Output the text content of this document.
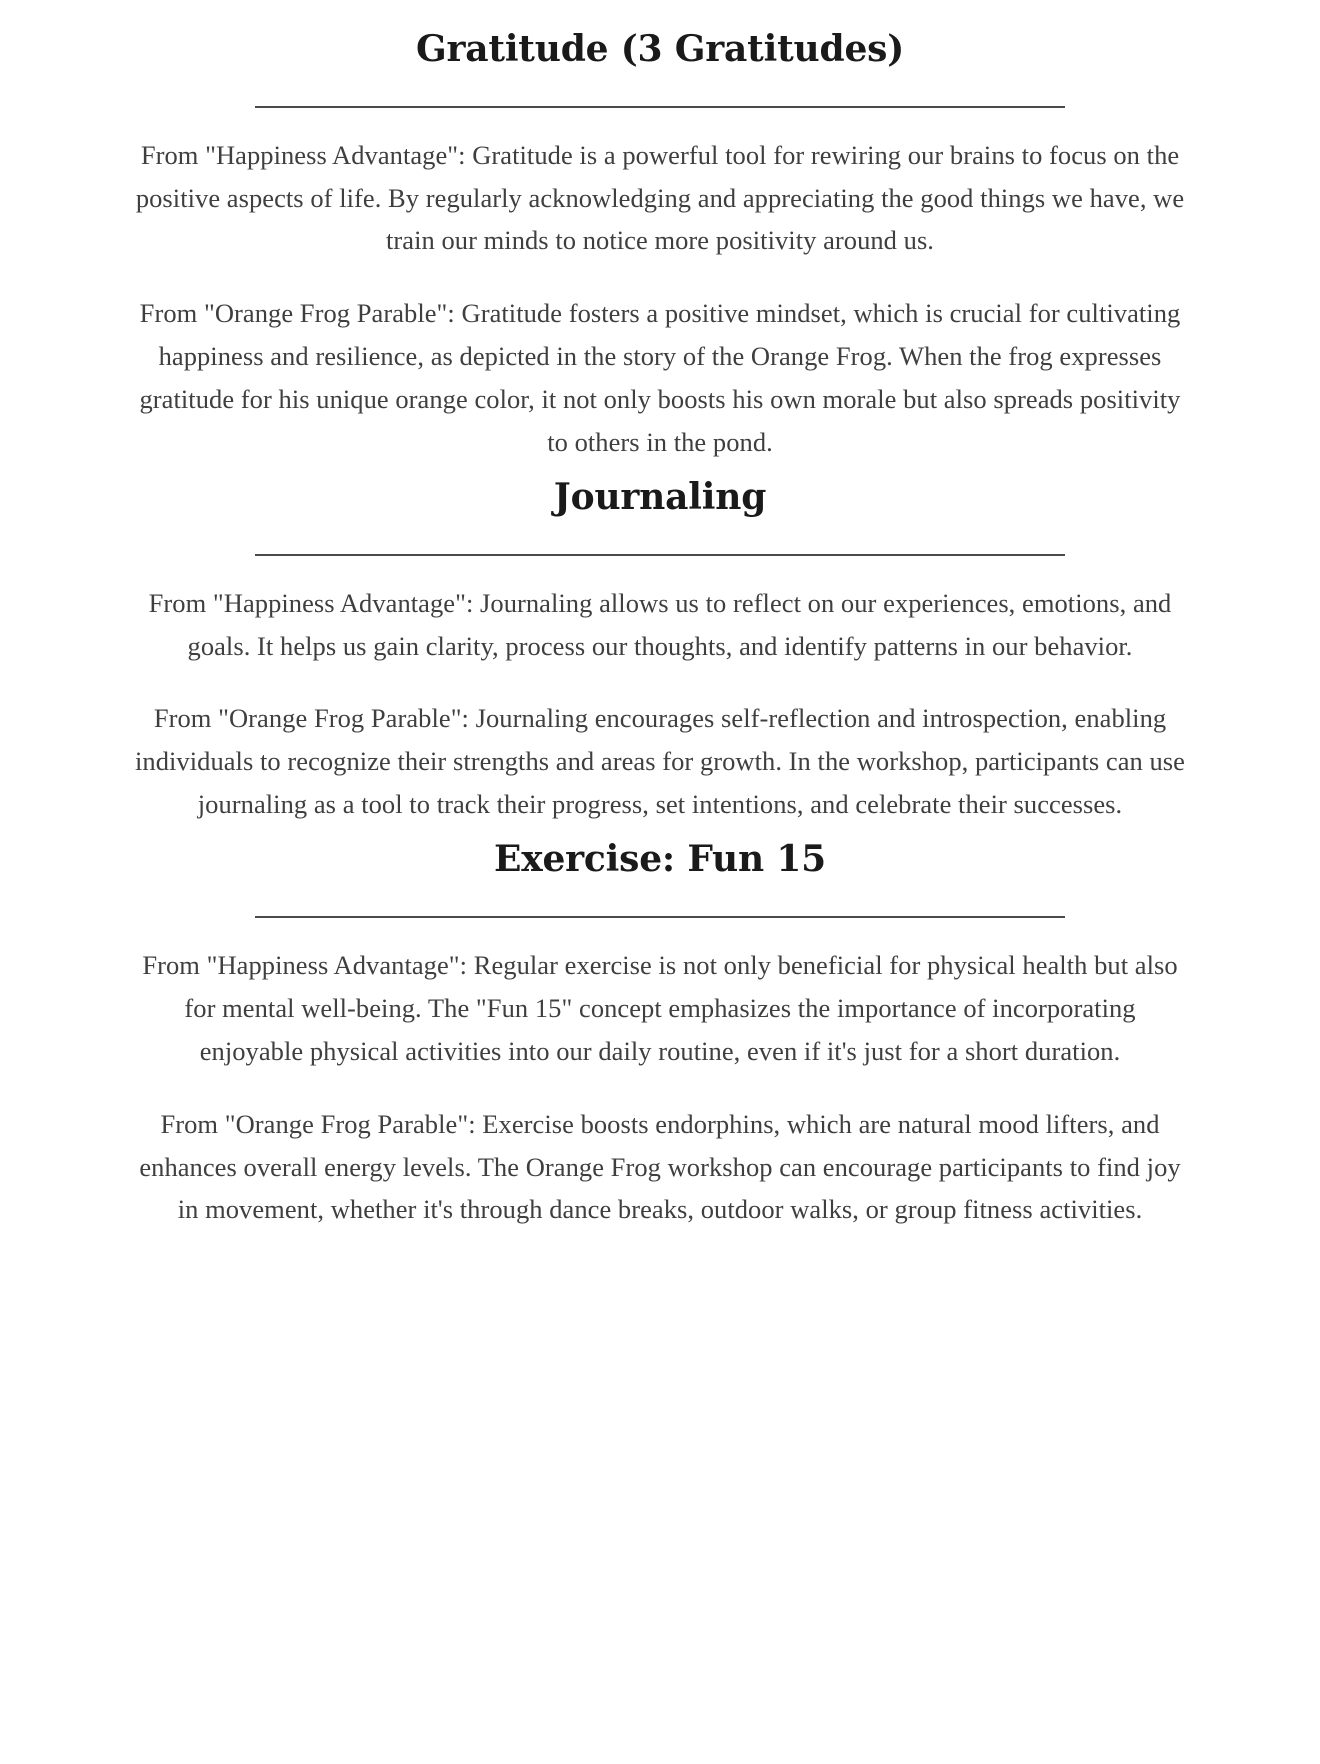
Gratitude (3 Gratitudes)

From "Happiness Advantage": Gratitude is a powerful tool for rewiring our brains to focus on the positive aspects of life. By regularly acknowledging and appreciating the good things we have, we train our minds to notice more positivity around us.

From "Orange Frog Parable": Gratitude fosters a positive mindset, which is crucial for cultivating happiness and resilience, as depicted in the story of the Orange Frog. When the frog expresses gratitude for his unique orange color, it not only boosts his own morale but also spreads positivity to others in the pond.

Journaling

From "Happiness Advantage": Journaling allows us to reflect on our experiences, emotions, and goals. It helps us gain clarity, process our thoughts, and identify patterns in our behavior.

From "Orange Frog Parable": Journaling encourages self-reflection and introspection, enabling individuals to recognize their strengths and areas for growth. In the workshop, participants can use journaling as a tool to track their progress, set intentions, and celebrate their successes.

Exercise: Fun 15

From "Happiness Advantage": Regular exercise is not only beneficial for physical health but also for mental well-being. The "Fun 15" concept emphasizes the importance of incorporating enjoyable physical activities into our daily routine, even if it's just for a short duration.

From "Orange Frog Parable": Exercise boosts endorphins, which are natural mood lifters, and enhances overall energy levels. The Orange Frog workshop can encourage participants to find joy in movement, whether it's through dance breaks, outdoor walks, or group fitness activities.
